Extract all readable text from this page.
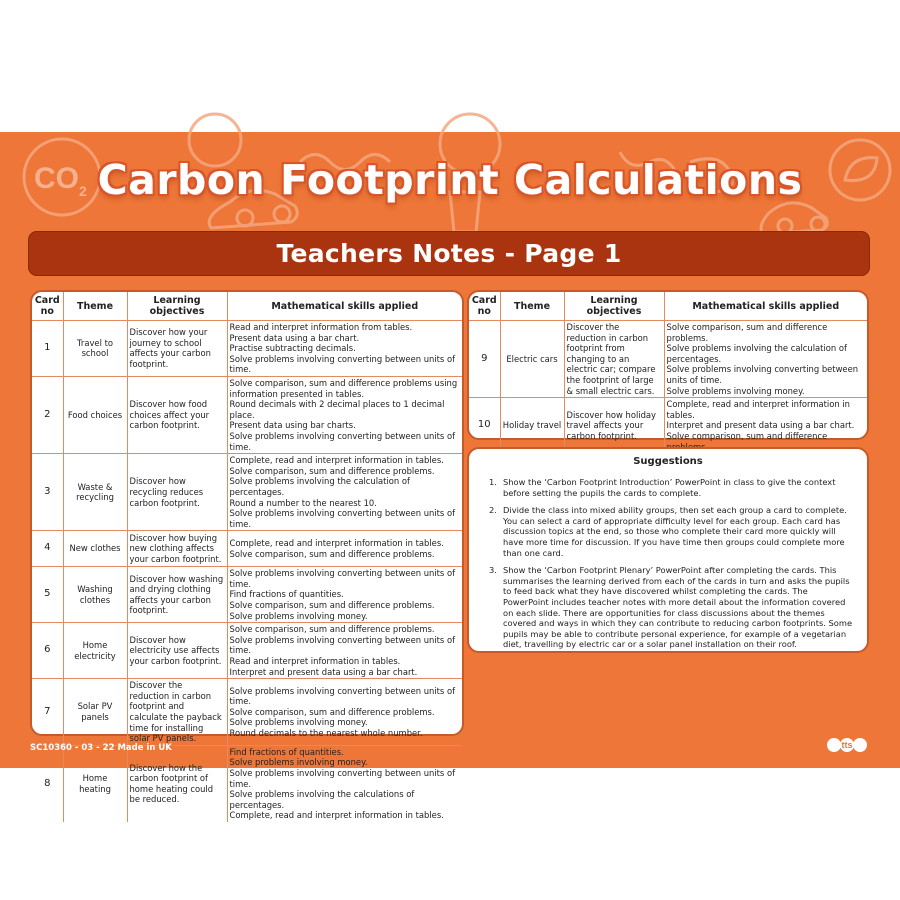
$CO_2$ Carbon Footprint Calculations
Teachers Notes - Page 1
Card no	Theme	Learning objectives	Mathematical skills applied
1	Travel to school	Discover how your journey to school affects your carbon footprint.	Read and interpret information from tables.
Present data using a bar chart.
Practise subtracting decimals.
Solve problems involving converting between units of time.

2	Food choices	Discover how food choices affect your carbon footprint.	Solve comparison, sum and difference problems using information presented in tables.
Round decimals with 2 decimal places to 1 decimal place.
Present data using bar charts.
Solve problems involving converting between units of time.

3	Waste & recycling	Discover how recycling reduces carbon footprint.	Complete, read and interpret information in tables.
Solve comparison, sum and difference problems.
Solve problems involving the calculation of percentages.
Round a number to the nearest 10.
Solve problems involving converting between units of time.

4	New clothes	Discover how buying new clothing affects your carbon footprint.	Complete, read and interpret information in tables.
Solve comparison, sum and difference problems.

5	Washing clothes	Discover how washing and drying clothing affects your carbon footprint.	Solve problems involving converting between units of time.
Find fractions of quantities.
Solve comparison, sum and difference problems.
Solve problems involving money.

6	Home electricity	Discover how electricity use affects your carbon footprint.	Solve comparison, sum and difference problems.
Solve problems involving converting between units of time.
Read and interpret information in tables.
Interpret and present data using a bar chart.

7	Solar PV panels	Discover the reduction in carbon footprint and calculate the payback time for installing solar PV panels.	Solve problems involving converting between units of time.
Solve comparison, sum and difference problems.
Solve problems involving money.
Round decimals to the nearest whole number.

8	Home heating	Discover how the carbon footprint of home heating could be reduced.	Find fractions of quantities.
Solve problems involving money.
Solve problems involving converting between units of time.
Solve problems involving the calculations of percentages.
Complete, read and interpret information in tables.
Card no	Theme	Learning objectives	Mathematical skills applied
9	Electric cars	Discover the reduction in carbon footprint from changing to an electric car; compare the footprint of large & small electric cars.	Solve comparison, sum and difference problems.
Solve problems involving the calculation of percentages.
Solve problems involving converting between units of time.
Solve problems involving money.

10	Holiday travel	Discover how holiday travel affects your carbon footprint.	Complete, read and interpret information in tables.
Interpret and present data using a bar chart.
Solve comparison, sum and difference
Suggestions
1. Show the ‘Carbon Footprint Introduction’ PowerPoint in class to give the context before setting the pupils the cards to complete.
2. Divide the class into mixed ability groups, then set each group a card to complete. You can select a card of appropriate difficulty level for each group. Each card has discussion topics at the end, so those who complete their card more quickly will have more time for discussion. If you have time then groups could complete more than one card.
3. Show the ‘Carbon Footprint Plenary’ PowerPoint after completing the cards. This summarises the learning derived from each of the cards in turn and asks the pupils to feed back what they have discovered whilst completing the cards. The PowerPoint includes teacher notes with more detail about the information covered on each slide. There are opportunities for class discussions about the themes covered and ways in which they can contribute to reducing carbon footprints. Some pupils may be able to contribute personal experience, for example of a vegetarian diet, travelling by electric car or a solar panel installation on their roof.
SC10360 - 03 - 22 Made in UK	tts
